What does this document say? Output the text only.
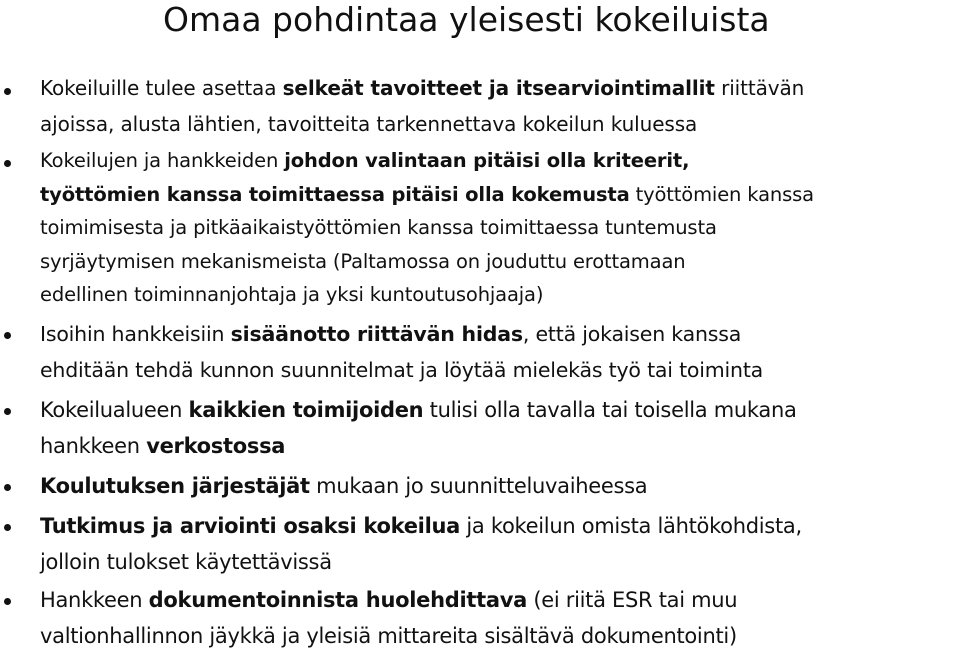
Omaa pohdintaa yleisesti kokeiluista

Kokeiluille tulee asettaa selkeät tavoitteet ja itsearviointimallit riittävän
ajoissa, alusta lähtien, tavoitteita tarkennettava kokeilun kuluessa

Kokeilujen ja hankkeiden johdon valintaan pitäisi olla kriteerit,
työttömien kanssa toimittaessa pitäisi olla kokemusta työttömien kanssa
toimimisesta ja pitkäaikaistyöttömien kanssa toimittaessa tuntemusta
syrjäytymisen mekanismeista (Paltamossa on jouduttu erottamaan
edellinen toiminnanjohtaja ja yksi kuntoutusohjaaja)

Isoihin hankkeisiin sisäänotto riittävän hidas, että jokaisen kanssa
ehditään tehdä kunnon suunnitelmat ja löytää mielekäs työ tai toiminta

Kokeilualueen kaikkien toimijoiden tulisi olla tavalla tai toisella mukana
hankkeen verkostossa

Koulutuksen järjestäjät mukaan jo suunnitteluvaiheessa

Tutkimus ja arviointi osaksi kokeilua ja kokeilun omista lähtökohdista,
jolloin tulokset käytettävissä

Hankkeen dokumentoinnista huolehdittava (ei riitä ESR tai muu
valtionhallinnon jäykkä ja yleisiä mittareita sisältävä dokumentointi)
